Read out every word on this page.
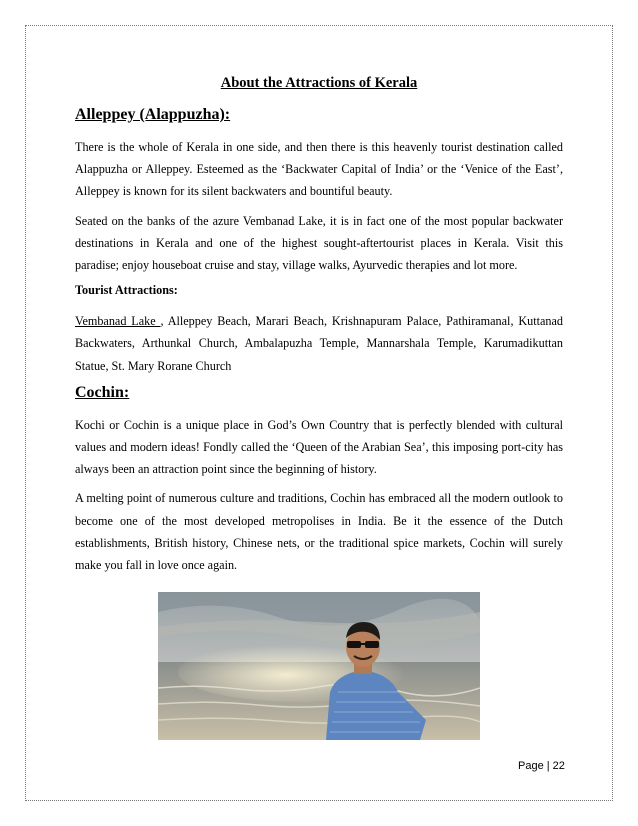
About the Attractions of Kerala
Alleppey (Alappuzha):

There is the whole of Kerala in one side, and then there is this heavenly tourist destination called Alappuzha or Alleppey. Esteemed as the ‘Backwater Capital of India’ or the ‘Venice of the East’, Alleppey is known for its silent backwaters and bountiful beauty.

Seated on the banks of the azure Vembanad Lake, it is in fact one of the most popular backwater destinations in Kerala and one of the highest sought-aftertourist places in Kerala. Visit this paradise; enjoy houseboat cruise and stay, village walks, Ayurvedic therapies and lot more.

Tourist Attractions:

Vembanad Lake , Alleppey Beach, Marari Beach, Krishnapuram Palace, Pathiramanal, Kuttanad Backwaters, Arthunkal Church, Ambalapuzha Temple, Mannarshala Temple, Karumadikuttan Statue, St. Mary Rorane Church

Cochin:

Kochi or Cochin is a unique place in God’s Own Country that is perfectly blended with cultural values and modern ideas! Fondly called the ‘Queen of the Arabian Sea’, this imposing port-city has always been an attraction point since the beginning of history.

A melting point of numerous culture and traditions, Cochin has embraced all the modern outlook to become one of the most developed metropolises in India. Be it the essence of the Dutch establishments, British history, Chinese nets, or the traditional spice markets, Cochin will surely make you fall in love once again.

Page | 22
